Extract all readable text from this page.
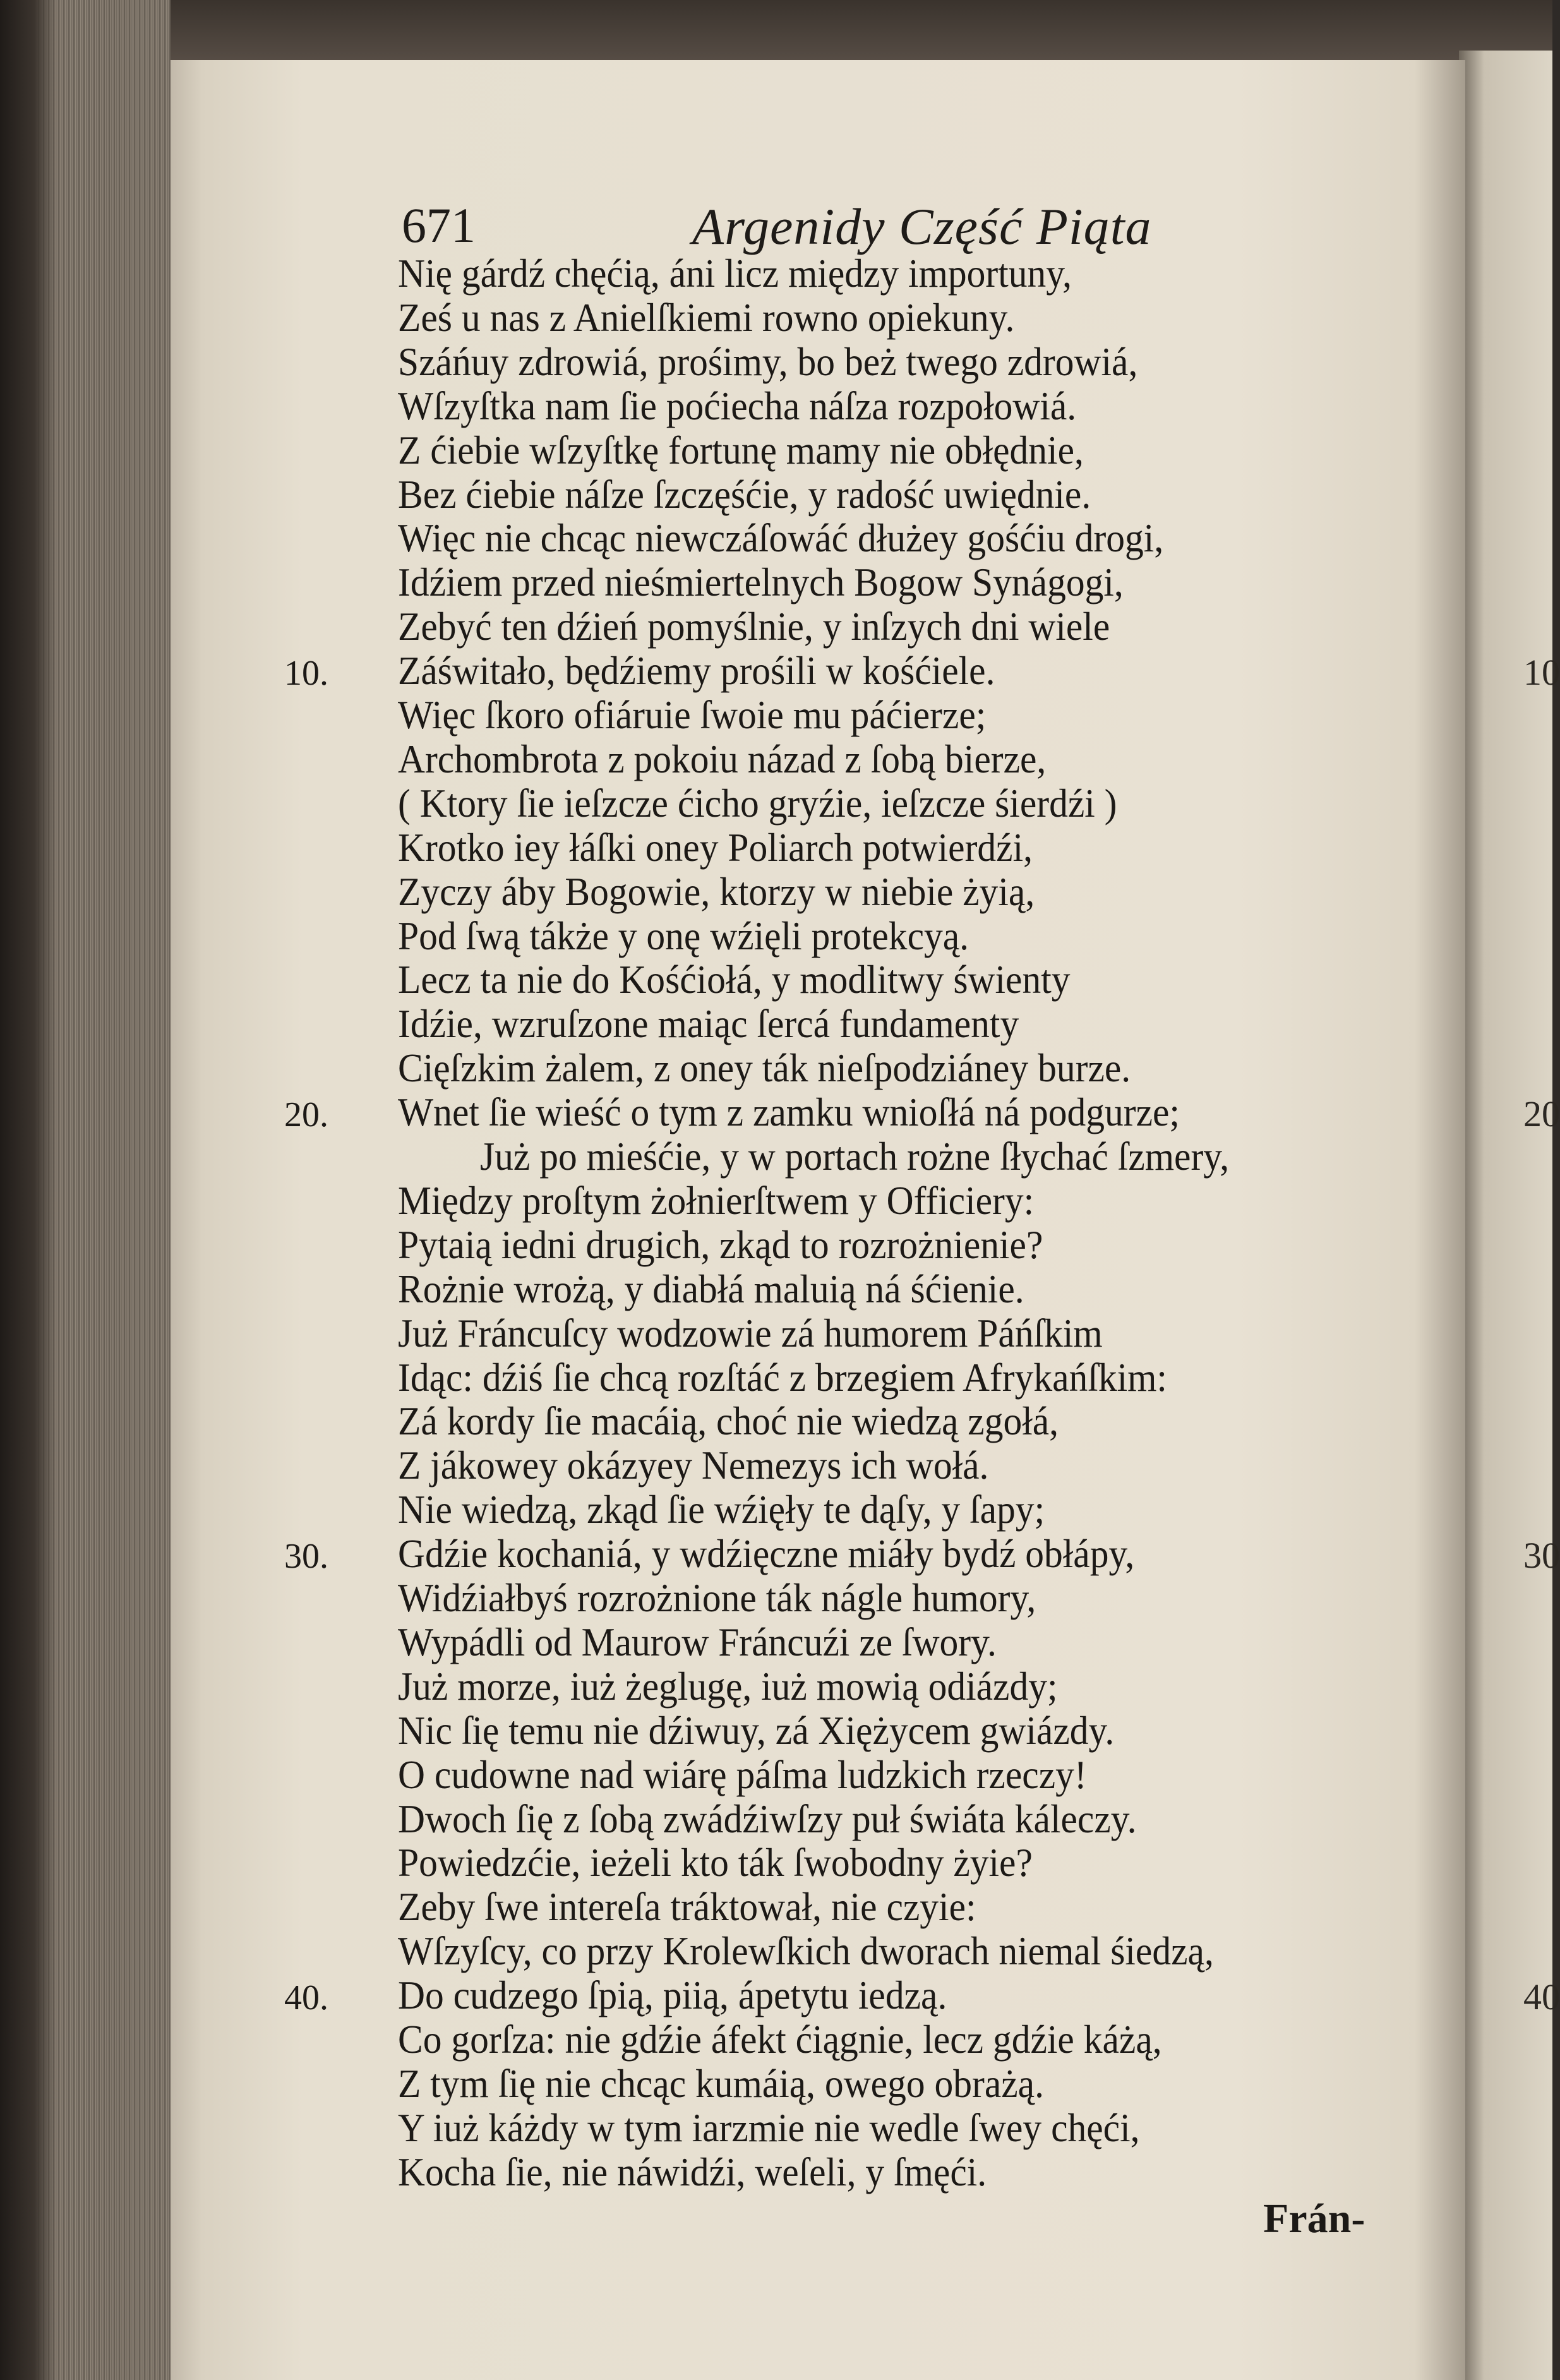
671	Argenidy Część Piąta
Nię gárdź chęćią, áni licz między importuny,
Ześ u nas z Anielſkiemi rowno opiekuny.
Száńuy zdrowiá, prośimy, bo beż twego zdrowiá,
Wſzyſtka nam ſie poćiecha náſza rozpołowiá.
Z ćiebie wſzyſtkę fortunę mamy nie obłędnie,
Bez ćiebie náſze ſzczęśćie, y radość uwiędnie.
Więc nie chcąc niewczáſowáć dłużey gośćiu drogi,
Idźiem przed nieśmiertelnych Bogow Synágogi,
Zebyć ten dźień pomyślnie, y inſzych dni wiele
Záświtało, będźiemy prośili w kośćiele.
10.
Więc ſkoro ofiáruie ſwoie mu páćierze;
Archombrota z pokoiu názad z ſobą bierze,
( Ktory ſie ieſzcze ćicho gryźie, ieſzcze śierdźi )
Krotko iey łáſki oney Poliarch potwierdźi,
Zyczy áby Bogowie, ktorzy w niebie żyią,
Pod ſwą tákże y onę wźięli protekcyą.
Lecz ta nie do Kośćiołá, y modlitwy świenty
Idźie, wzruſzone maiąc ſercá fundamenty
Cięſzkim żalem, z oney ták nieſpodziáney burze.
Wnet ſie wieść o tym z zamku wnioſłá ná podgurze;
20.
Już po mieśćie, y w portach rożne ſłychać ſzmery,
Między proſtym żołnierſtwem y Officiery:
Pytaią iedni drugich, zkąd to rozrożnienie?
Rożnie wrożą, y diabłá maluią ná śćienie.
Już Fráncuſcy wodzowie zá humorem Páńſkim
Idąc: dźiś ſie chcą rozſtáć z brzegiem Afrykańſkim:
Zá kordy ſie macáią, choć nie wiedzą zgołá,
Z jákowey okázyey Nemezys ich wołá.
Nie wiedzą, zkąd ſie wźięły te dąſy, y ſapy;
Gdźie kochaniá, y wdźięczne miáły bydź obłápy,
30.
Widźiałbyś rozrożnione ták nágle humory,
Wypádli od Maurow Fráncuźi ze ſwory.
Już morze, iuż żeglugę, iuż mowią odiázdy;
Nic ſię temu nie dźiwuy, zá Xiężycem gwiázdy.
O cudowne nad wiárę páſma ludzkich rzeczy!
Dwoch ſię z ſobą zwádźiwſzy puł świáta káleczy.
Powiedzćie, ieżeli kto ták ſwobodny żyie?
Zeby ſwe intereſa tráktował, nie czyie:
Wſzyſcy, co przy Krolewſkich dworach niemal śiedzą,
Do cudzego ſpią, piią, ápetytu iedzą.
40.
Co gorſza: nie gdźie áfekt ćiągnie, lecz gdźie káżą,
Z tym ſię nie chcąc kumáią, owego obrażą.
Y iuż káżdy w tym iarzmie nie wedle ſwey chęći,
Kocha ſie, nie náwidźi, weſeli, y ſmęći.
10
20
30
40
Frán-
